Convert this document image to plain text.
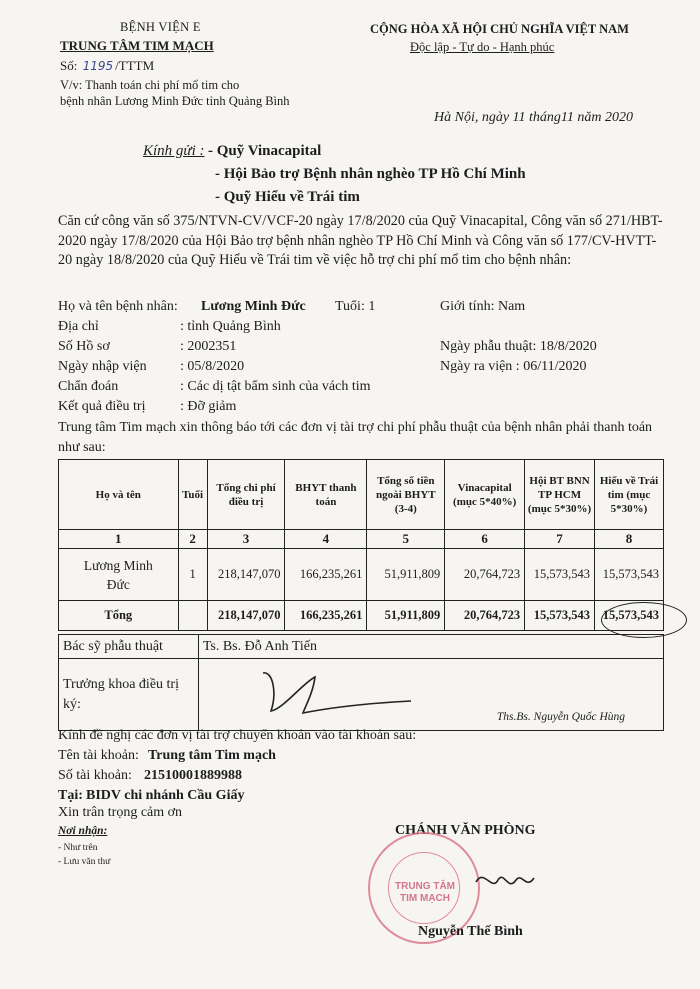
BỆNH VIỆN E
TRUNG TÂM TIM MẠCH
Số: 1195 /TTTM
V/v: Thanh toán chi phí mổ tim cho
bệnh nhân Lương Minh Đức tỉnh Quảng Bình
CỘNG HÒA XÃ HỘI CHỦ NGHĨA VIỆT NAM
Độc lập - Tự do - Hạnh phúc
Hà Nội, ngày 11 tháng11 năm 2020
Kính gửi : - Quỹ Vinacapital
- Hội Bảo trợ Bệnh nhân nghèo TP Hồ Chí Minh
- Quỹ Hiểu về Trái tim
Căn cứ công văn số 375/NTVN-CV/VCF-20 ngày 17/8/2020 của Quỹ Vinacapital, Công văn số 271/HBT-2020 ngày 17/8/2020 của Hội Bảo trợ bệnh nhân nghèo TP Hồ Chí Minh và Công văn số 177/CV-HVTT-20 ngày 18/8/2020 của Quỹ Hiểu về Trái tim về việc hỗ trợ chi phí mổ tim cho bệnh nhân:
Họ và tên bệnh nhân: Lương Minh Đức Tuổi: 1	Giới tính: Nam
Địa chỉ	: tỉnh Quảng Bình
Số Hồ sơ	: 2002351	Ngày phẫu thuật: 18/8/2020
Ngày nhập viện : 05/8/2020	Ngày ra viện : 06/11/2020
Chẩn đoán	: Các dị tật bẩm sinh của vách tim
Kết quả điều trị : Đỡ giảm
Trung tâm Tim mạch xin thông báo tới các đơn vị tài trợ chi phí phẫu thuật của bệnh nhân phải thanh toán như sau:
Họ và tên	Tuổi	Tổng chi phí điều trị	BHYT thanh toán	Tổng số tiền ngoài BHYT (3-4)	Vinacapital (mục 5*40%)	Hội BT BNN TP HCM (mục 5*30%)	Hiểu về Trái tim (mục 5*30%)
1	2	3	4	5	6	7	8
Lương Minh Đức	1	218,147,070	166,235,261	51,911,809	20,764,723	15,573,543	15,573,543
Tổng		218,147,070	166,235,261	51,911,809	20,764,723	15,573,543	15,573,543
Bác sỹ phẫu thuật	Ts. Bs. Đỗ Anh Tiến
Trưởng khoa điều trị ký:	Ths.Bs. Nguyễn Quốc Hùng
Kính đề nghị các đơn vị tài trợ chuyển khoản vào tài khoản sau:
Tên tài khoản: Trung tâm Tim mạch
Số tài khoản: 21510001889988
Tại: BIDV chi nhánh Cầu Giấy
Xin trân trọng cảm ơn
Nơi nhận:
- Như trên
- Lưu văn thư
CHÁNH VĂN PHÒNG
TRUNG TÂM TIM MẠCH
Nguyễn Thế Bình
